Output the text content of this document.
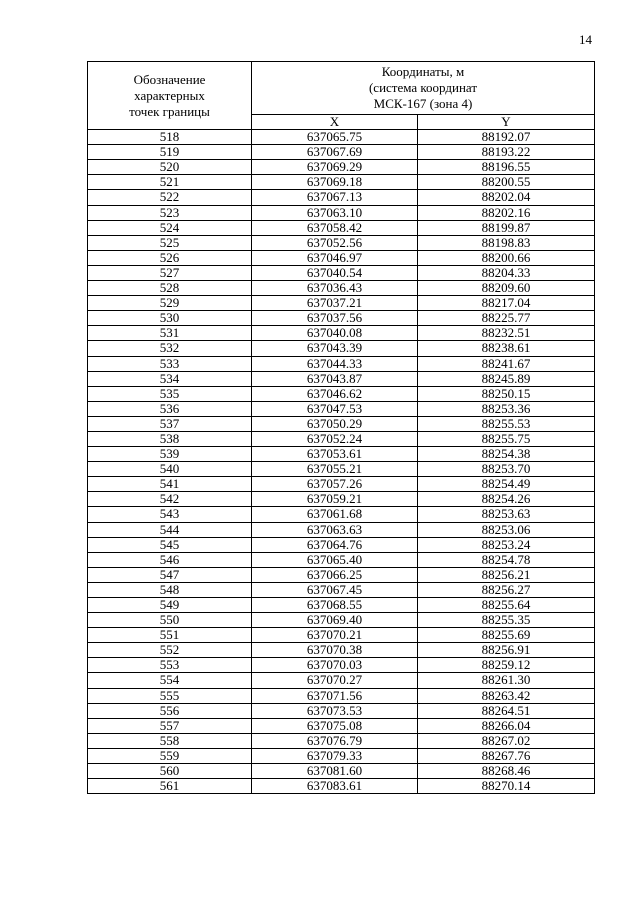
14
Обозначение
характерных
точек границы	Координаты, м
(система координат
МСК-167 (зона 4)	

	X	Y
518	637065.75	88192.07
519	637067.69	88193.22
520	637069.29	88196.55
521	637069.18	88200.55
522	637067.13	88202.04
523	637063.10	88202.16
524	637058.42	88199.87
525	637052.56	88198.83
526	637046.97	88200.66
527	637040.54	88204.33
528	637036.43	88209.60
529	637037.21	88217.04
530	637037.56	88225.77
531	637040.08	88232.51
532	637043.39	88238.61
533	637044.33	88241.67
534	637043.87	88245.89
535	637046.62	88250.15
536	637047.53	88253.36
537	637050.29	88255.53
538	637052.24	88255.75
539	637053.61	88254.38
540	637055.21	88253.70
541	637057.26	88254.49
542	637059.21	88254.26
543	637061.68	88253.63
544	637063.63	88253.06
545	637064.76	88253.24
546	637065.40	88254.78
547	637066.25	88256.21
548	637067.45	88256.27
549	637068.55	88255.64
550	637069.40	88255.35
551	637070.21	88255.69
552	637070.38	88256.91
553	637070.03	88259.12
554	637070.27	88261.30
555	637071.56	88263.42
556	637073.53	88264.51
557	637075.08	88266.04
558	637076.79	88267.02
559	637079.33	88267.76
560	637081.60	88268.46
561	637083.61	88270.14
